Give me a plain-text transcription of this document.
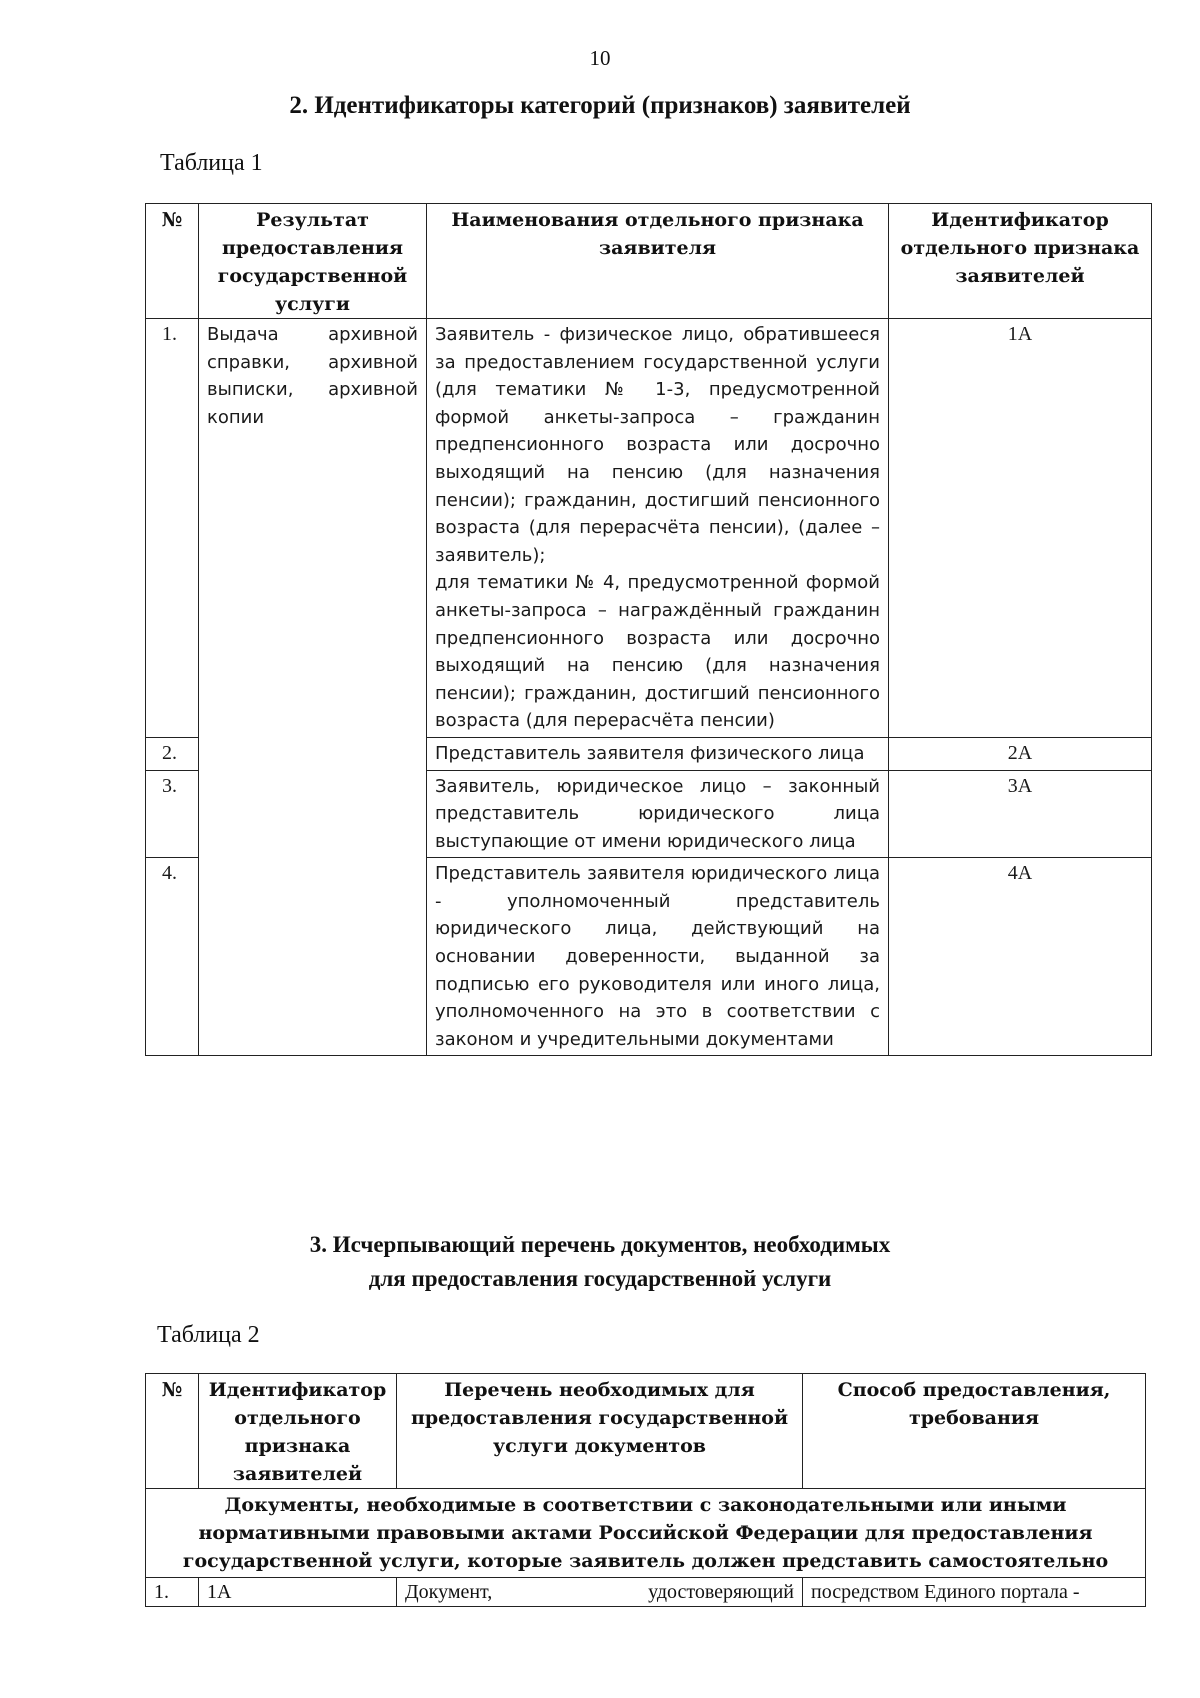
10
2. Идентификаторы категорий (признаков) заявителей
Таблица 1
№	Результат предоставления государственной услуги	Наименования отдельного признака заявителя	Идентификатор отдельного признака заявителей
1.	Выдача архивной справки, архивной выписки, архивной копии	Заявитель - физическое лицо, обратившееся за предоставлением государственной услуги (для тематики № 1-3, предусмотренной формой анкеты-запроса – гражданин предпенсионного возраста или досрочно выходящий на пенсию (для назначения пенсии); гражданин, достигший пенсионного возраста (для перерасчёта пенсии), (далее – заявитель);
для тематики № 4, предусмотренной формой анкеты-запроса – награждённый гражданин предпенсионного возраста или досрочно выходящий на пенсию (для назначения пенсии); гражданин, достигший пенсионного возраста (для перерасчёта пенсии)	1А
2.		Представитель заявителя физического лица	2А
3.		Заявитель, юридическое лицо – законный представитель юридического лица выступающие от имени юридического лица	3А
4.		Представитель заявителя юридического лица - уполномоченный представитель юридического лица, действующий на основании доверенности, выданной за подписью его руководителя или иного лица, уполномоченного на это в соответствии с законом и учредительными документами	4А
3. Исчерпывающий перечень документов, необходимых
для предоставления государственной услуги
Таблица 2
№	Идентификатор отдельного признака заявителей	Перечень необходимых для предоставления государственной услуги документов	Способ предоставления, требования
Документы, необходимые в соответствии с законодательными или иными нормативными правовыми актами Российской Федерации для предоставления государственной услуги, которые заявитель должен представить самостоятельно			
1.	1А	Документ, удостоверяющий	посредством Единого портала -
